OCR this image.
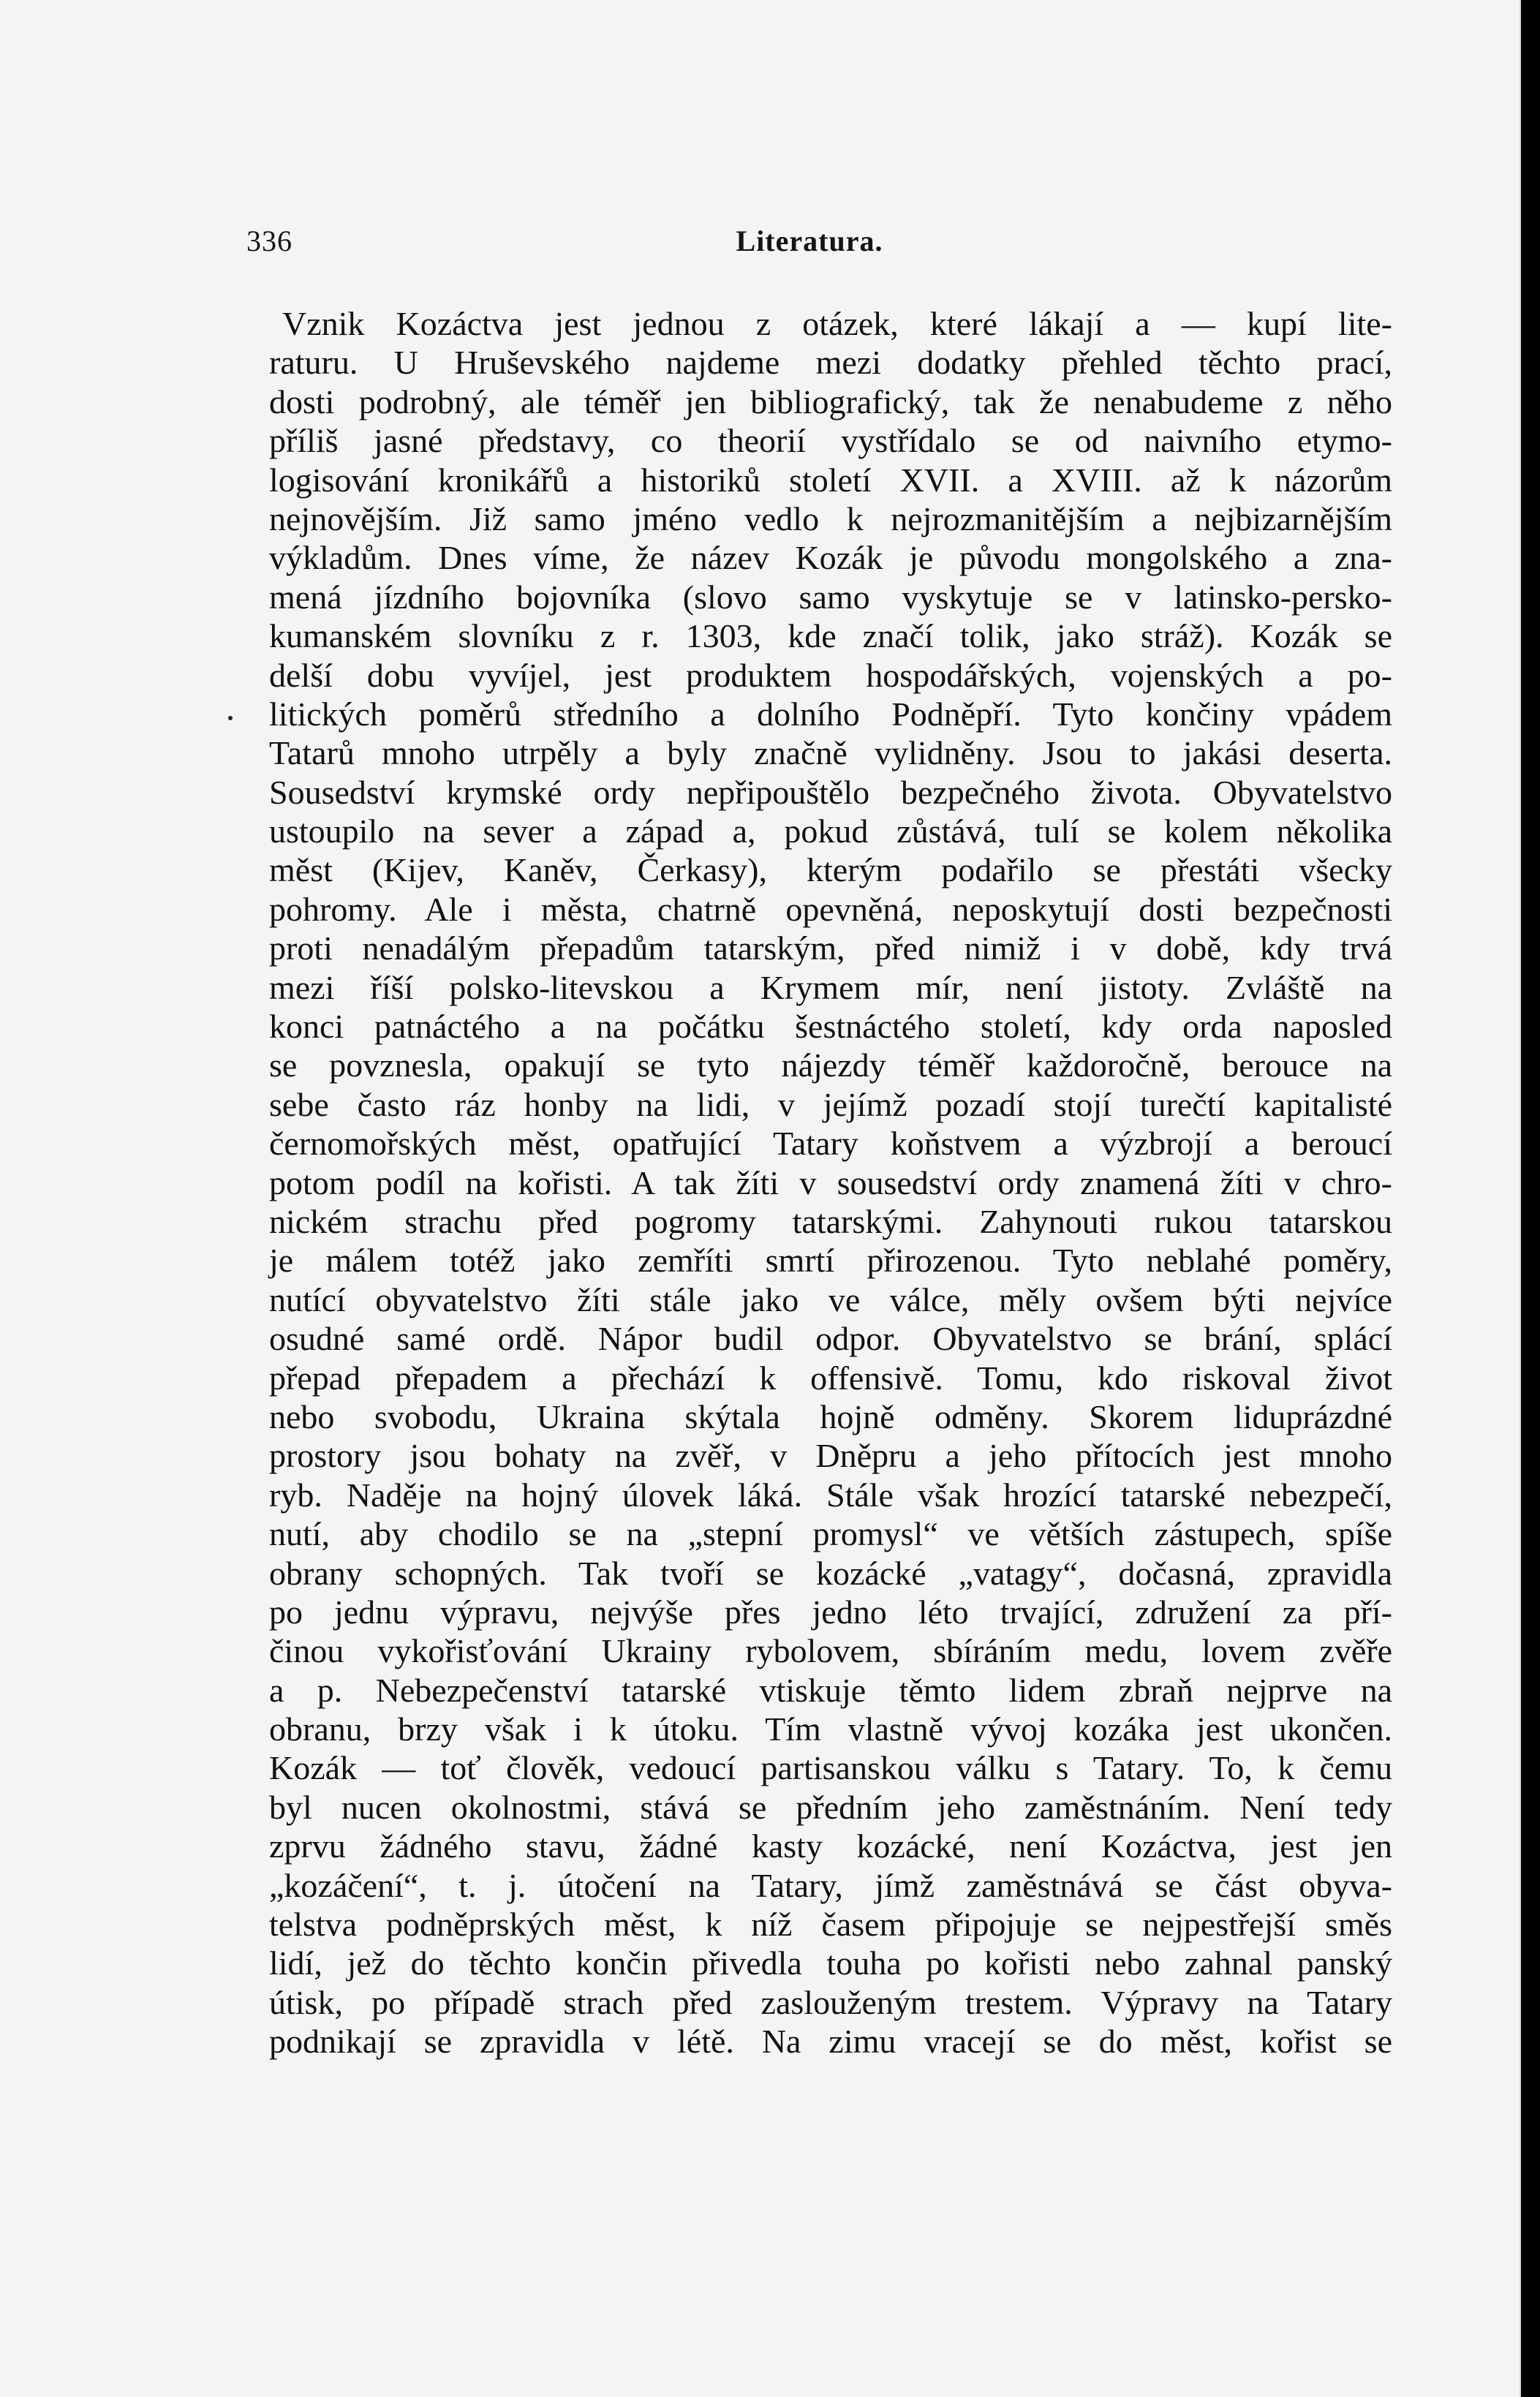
336	Literatura.
Vznik Kozáctva jest jednou z otázek, které lákají a — kupí lite-
raturu. U Hruševského najdeme mezi dodatky přehled těchto prací,
dosti podrobný, ale téměř jen bibliografický, tak že nenabudeme z něho
příliš jasné představy, co theorií vystřídalo se od naivního etymo-
logisování kronikářů a historiků století XVII. a XVIII. až k názorům
nejnovějším. Již samo jméno vedlo k nejrozmanitějším a nejbizarnějším
výkladům. Dnes víme, že název Kozák je původu mongolského a zna-
mená jízdního bojovníka (slovo samo vyskytuje se v latinsko-persko-
kumanském slovníku z r. 1303, kde značí tolik, jako stráž). Kozák se
delší dobu vyvíjel, jest produktem hospodářských, vojenských a po-
litických poměrů středního a dolního Podněpří. Tyto končiny vpádem
Tatarů mnoho utrpěly a byly značně vylidněny. Jsou to jakási deserta.
Sousedství krymské ordy nepřipouštělo bezpečného života. Obyvatelstvo
ustoupilo na sever a západ a, pokud zůstává, tulí se kolem několika
měst (Kijev, Kaněv, Čerkasy), kterým podařilo se přestáti všecky
pohromy. Ale i města, chatrně opevněná, neposkytují dosti bezpečnosti
proti nenadálým přepadům tatarským, před nimiž i v době, kdy trvá
mezi říší polsko-litevskou a Krymem mír, není jistoty. Zvláště na
konci patnáctého a na počátku šestnáctého století, kdy orda naposled
se povznesla, opakují se tyto nájezdy téměř každoročně, berouce na
sebe často ráz honby na lidi, v jejímž pozadí stojí turečtí kapitalisté
černomořských měst, opatřující Tatary koňstvem a výzbrojí a beroucí
potom podíl na kořisti. A tak žíti v sousedství ordy znamená žíti v chro-
nickém strachu před pogromy tatarskými. Zahynouti rukou tatarskou
je málem totéž jako zemříti smrtí přirozenou. Tyto neblahé poměry,
nutící obyvatelstvo žíti stále jako ve válce, měly ovšem býti nejvíce
osudné samé ordě. Nápor budil odpor. Obyvatelstvo se brání, splácí
přepad přepadem a přechází k offensivě. Tomu, kdo riskoval život
nebo svobodu, Ukraina skýtala hojně odměny. Skorem liduprázdné
prostory jsou bohaty na zvěř, v Dněpru a jeho přítocích jest mnoho
ryb. Naděje na hojný úlovek láká. Stále však hrozící tatarské nebezpečí,
nutí, aby chodilo se na „stepní promysl“ ve větších zástupech, spíše
obrany schopných. Tak tvoří se kozácké „vatagy“, dočasná, zpravidla
po jednu výpravu, nejvýše přes jedno léto trvající, združení za pří-
činou vykořisťování Ukrainy rybolovem, sbíráním medu, lovem zvěře
a p. Nebezpečenství tatarské vtiskuje těmto lidem zbraň nejprve na
obranu, brzy však i k útoku. Tím vlastně vývoj kozáka jest ukončen.
Kozák — toť člověk, vedoucí partisanskou válku s Tatary. To, k čemu
byl nucen okolnostmi, stává se předním jeho zaměstnáním. Není tedy
zprvu žádného stavu, žádné kasty kozácké, není Kozáctva, jest jen
„kozáčení“, t. j. útočení na Tatary, jímž zaměstnává se část obyva-
telstva podněprských měst, k níž časem připojuje se nejpestřejší směs
lidí, jež do těchto končin přivedla touha po kořisti nebo zahnal panský
útisk, po případě strach před zaslouženým trestem. Výpravy na Tatary
podnikají se zpravidla v létě. Na zimu vracejí se do měst, kořist se
